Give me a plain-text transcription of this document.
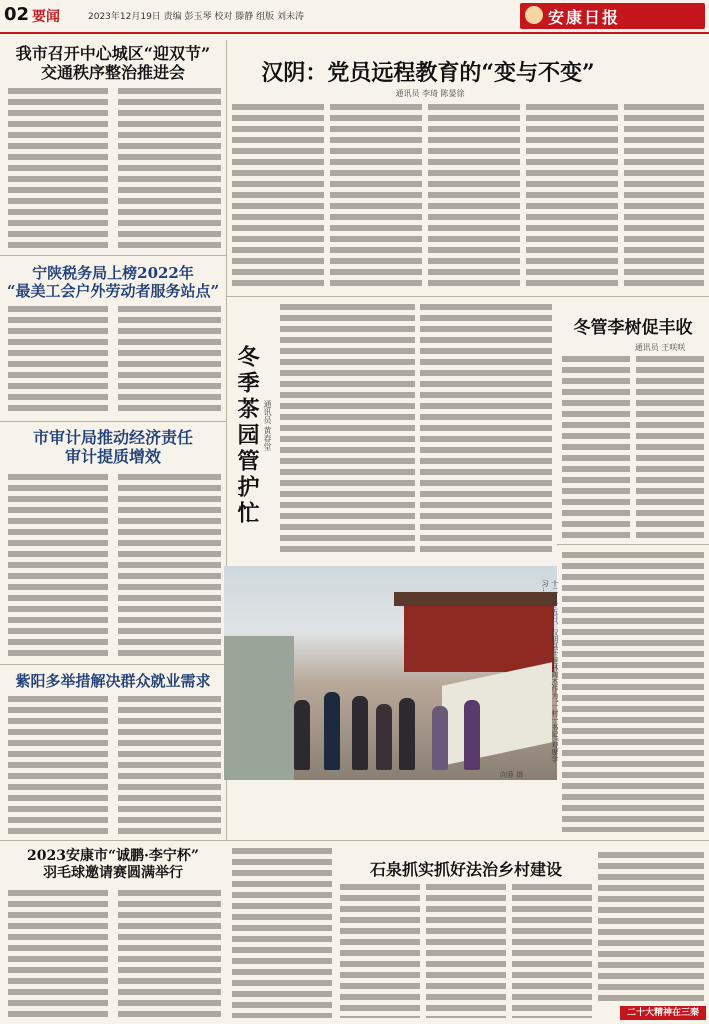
02 要闻	2023年12月19日 责编 彭玉琴 校对 滕静 组版 刘未涛	安康日报
我市召开中心城区“迎双节”
交通秩序整治推进会	汉阴：党员远程教育的“变与不变”
通讯员 李琦 陈晏徐
宁陕税务局上榜2022年
“最美工会户外劳动者服务站点”
市审计局推动经济责任
审计提质增效	冬季茶园管护忙 通讯员 黄春堂
冬管李树促丰收
通讯员 王咲咲
十二月十五日，汉阴县十里林陶杰作为“一村一书记”观摩学习…
向蓉 摄
紫阳多举措解决群众就业需求
2023安康市“诚鹏·李宁杯”
羽毛球邀请赛圆满举行	石泉抓实抓好法治乡村建设
二十大精神在三秦
